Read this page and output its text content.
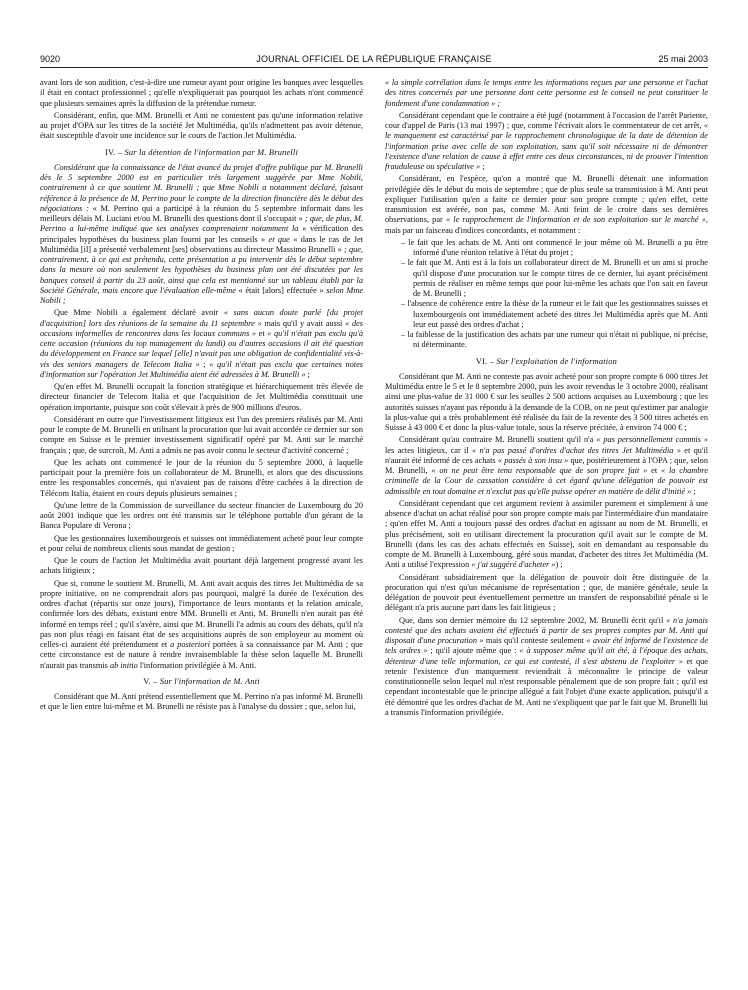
9020	JOURNAL OFFICIEL DE LA RÉPUBLIQUE FRANÇAISE	25 mai 2003

avant lors de son audition, c'est-à-dire une rumeur ayant pour origine les banques avec lesquelles il était en contact professionnel ; qu'elle n'expliquerait pas pourquoi les achats n'ont commencé que plusieurs semaines après la diffusion de la prétendue rumeur.

Considérant, enfin, que MM. Brunelli et Anti ne contestent pas qu'une information relative au projet d'OPA sur les titres de la société Jet Multimédia, qu'ils n'admettent pas avoir détenue, était susceptible d'avoir une incidence sur le cours de l'action Jet Multimédia.

IV. – Sur la détention de l'information par M. Brunelli

Considérant que la connaissance de l'état avancé du projet d'offre publique par M. Brunelli dès le 5 septembre 2000 est en particulier très largement suggérée par Mme Nobili, contrairement à ce que soutient M. Brunelli ; que Mme Nobili a notamment déclaré, faisant référence à la présence de M. Perrino pour le compte de la direction financière dès le début des négociations : « M. Perrino qui a participé à la réunion du 5 septembre informait dans les meilleurs délais M. Luciani et/ou M. Brunelli des questions dont il s'occupait » ; que, de plus, M. Perrino a lui-même indiqué que ses analyses comprenaient notamment la « vérification des principales hypothèses du business plan fourni par les conseils » et que « dans le cas de Jet Multimédia [il] a présenté verbalement [ses] observations au directeur Massimo Brunelli » ; que, contrairement, à ce qui est prétendu, cette présentation a pu intervenir dès le début septembre dans la mesure où non seulement les hypothèses du business plan ont été discutées par les banques conseil à partir du 23 août, ainsi que cela est mentionné sur un tableau établi par la Société Générale, mais encore que l'évaluation elle-même « était [alors] effectuée » selon Mme Nobili ;

Que Mme Nobili a également déclaré avoir « sans aucun doute parlé [du projet d'acquisition] lors des réunions de la semaine du 11 septembre » mais qu'il y avait aussi « des occasions informelles de rencontres dans les locaux communs » et « qu'il n'était pas exclu qu'à cette occasion (réunions du top management du lundi) ou d'autres occasions il ait été question du développement en France sur lequel [elle] n'avait pas une obligation de confidentialité vis-à-vis des seniors managers de Telecom Italia » ; « qu'il n'était pas exclu que certaines notes d'information sur l'opération Jet Multimédia aient été adressées à M. Brunelli » ;

Qu'en effet M. Brunelli occupait la fonction stratégique et hiérarchiquement très élevée de directeur financier de Telecom Italia et que l'acquisition de Jet Multimédia constituait une opération importante, puisque son coût s'élevait à près de 900 millions d'euros.

Considérant en outre que l'investissement litigieux est l'un des premiers réalisés par M. Anti pour le compte de M. Brunelli en utilisant la procuration que lui avait accordée ce dernier sur son compte en Suisse et le premier investissement significatif opéré par M. Anti sur le marché français ; que, de surcroît, M. Anti a admis ne pas avoir connu le secteur d'activité concerné ;

Que les achats ont commencé le jour de la réunion du 5 septembre 2000, à laquelle participait pour la première fois un collaborateur de M. Brunelli, et alors que des discussions entre les responsables concernés, qui n'avaient pas de raisons d'être cachées à la direction de Télécom Italia, étaient en cours depuis plusieurs semaines ;

Qu'une lettre de la Commission de surveillance du secteur financier de Luxembourg du 20 août 2001 indique que les ordres ont été transmis sur le téléphone portable d'un gérant de la Banca Populare di Verona ;

Que les gestionnaires luxembourgeois et suisses ont immédiatement acheté pour leur compte et pour celui de nombreux clients sous mandat de gestion ;

Que le cours de l'action Jet Multimédia avait pourtant déjà largement progressé avant les achats litigieux ;

Que si, comme le soutient M. Brunelli, M. Anti avait acquis des titres Jet Multimédia de sa propre initiative, on ne comprendrait alors pas pourquoi, malgré la durée de l'exécution des ordres d'achat (répartis sur onze jours), l'importance de leurs montants et la relation amicale, confirmée lors des débats, existant entre MM. Brunelli et Anti, M. Brunelli n'en aurait pas été informé en temps réel ; qu'il s'avère, ainsi que M. Brunelli l'a admis au cours des débats, qu'il n'a pas non plus réagi en faisant état de ses acquisitions auprès de son employeur au moment où celles-ci auraient été prétendument et a posteriori portées à sa connaissance par M. Anti ; que cette circonstance est de nature à rendre invraisemblable la thèse selon laquelle M. Brunelli n'aurait pas transmis ab initio l'information privilégiée à M. Anti.

V. – Sur l'information de M. Anti

Considérant que M. Anti prétend essentiellement que M. Perrino n'a pas informé M. Brunelli et que le lien entre lui-même et M. Brunelli ne résiste pas à l'analyse du dossier ; que, selon lui,

« la simple corrélation dans le temps entre les informations reçues par une personne et l'achat des titres concernés par une personne dont cette personne est le conseil ne peut constituer le fondement d'une condamnation » ;

Considérant cependant que le contraire a été jugé (notamment à l'occasion de l'arrêt Pariente, cour d'appel de Paris (13 mai 1997) ; que, comme l'écrivait alors le commentateur de cet arrêt, « le manquement est caractérisé par le rapprochement chronologique de la date de détention de l'information prise avec celle de son exploitation, sans qu'il soit nécessaire ni de démontrer l'existence d'une relation de cause à effet entre ces deux circonstances, ni de prouver l'intention frauduleuse ou spéculative » ;

Considérant, en l'espèce, qu'on a montré que M. Brunelli détenait une information privilégiée dès le début du mois de septembre ; que de plus seule sa transmission à M. Anti peut expliquer l'utilisation qu'en a faite ce dernier pour son propre compte ; qu'en effet, cette transmission est avérée, non pas, comme M. Anti feint de le croire dans ses dernières observations, par « le rapprochement de l'information et de son exploitation sur le marché », mais par un faisceau d'indices concordants, et notamment :

– le fait que les achats de M. Anti ont commencé le jour même où M. Brunelli a pu être informé d'une réunion relative à l'état du projet ;
– le fait que M. Anti est à la fois un collaborateur direct de M. Brunelli et un ami si proche qu'il dispose d'une procuration sur le compte titres de ce dernier, lui ayant précisément permis de réaliser en même temps que pour lui-même les achats que l'on sait en faveur de M. Brunelli ;
– l'absence de cohérence entre la thèse de la rumeur et le fait que les gestionnaires suisses et luxembourgeois ont immédiatement acheté des titres Jet Multimédia après que M. Anti leur eut passé des ordres d'achat ;
– la faiblesse de la justification des achats par une rumeur qui n'était ni publique, ni précise, ni déterminante.
VI. – Sur l'exploitation de l'information

Considérant que M. Anti ne conteste pas avoir acheté pour son propre compte 6 000 titres Jet Multimédia entre le 5 et le 8 septembre 2000, puis les avoir revendus le 3 octobre 2000, réalisant ainsi une plus-value de 31 000 € sur les seulles 2 500 actions acquises au Luxembourg ; que les autorités suisses n'ayant pas répondu à la demande de la COB, on ne peut qu'estimer par analogie la plus-value qui a très probablement été réalisée du fait de la revente des 3 500 titres achetés en Suisse à 43 000 € et donc la plus-value totale, sous la réserve précitée, à environ 74 000 € ;

Considérant qu'au contraire M. Brunelli soutient qu'il n'a « pas personnellement commis » les actes litigieux, car il « n'a pas passé d'ordres d'achat des titres Jet Multimédia » et qu'il n'aurait été informé de ces achats « passés à son insu » que, postérieurement à l'OPA ; que, selon M. Brunelli, « on ne peut être tenu responsable que de son propre fait » et « la chambre criminelle de la Cour de cassation considère à cet égard qu'une délégation de pouvoir est admissible en tout domaine et n'exclut pas qu'elle puisse opérer en matière de délit d'initié » ;

Considérant cependant que cet argument revient à assimiler purement et simplement à une absence d'achat un achat réalisé pour son propre compte mais par l'intermédiaire d'un mandataire ; qu'en effet M. Anti a toujours passé des ordres d'achat en agissant au nom de M. Brunelli, et plus précisément, soit en utilisant directement la procuration qu'il avait sur le compte de M. Brunelli (dans les cas des achats effectués en Suisse), soit en demandant au responsable du compte de M. Brunelli à Luxembourg, géré sous mandat, d'acheter des titres Jet Multimédia (M. Anti a utilisé l'expression « j'ai suggéré d'acheter ») ;

Considérant subsidiairement que la délégation de pouvoir doit être distinguée de la procuration qui n'est qu'un mécanisme de représentation ; que, de manière générale, seule la délégation de pouvoir peut éventuellement permettre un transfert de responsabilité pénale si le délégant n'a pris aucune part dans les fait litigieux ;

Que, dans son dernier mémoire du 12 septembre 2002, M. Brunelli écrit qu'il « n'a jamais contesté que des achats avaient été effectués à partir de ses propres comptes par M. Anti qui disposait d'une procuration » mais qu'il conteste seulement « avoir été informé de l'existence de tels ordres » ; qu'il ajoute même que : « à supposer même qu'il ait été, à l'époque des achats, détenteur d'une telle information, ce qui est contesté, il s'est abstenu de l'exploiter » et que retenir l'existence d'un manquement reviendrait à méconnaître le principe de valeur constitutionnelle selon lequel nul n'est responsable pénalement que de son propre fait ; qu'il est cependant incontestable que le principe allégué a fait l'objet d'une exacte application, puisqu'il a été démontré que les ordres d'achat de M. Anti ne s'expliquent que par le fait que M. Brunelli lui a transmis l'information privilégiée.
